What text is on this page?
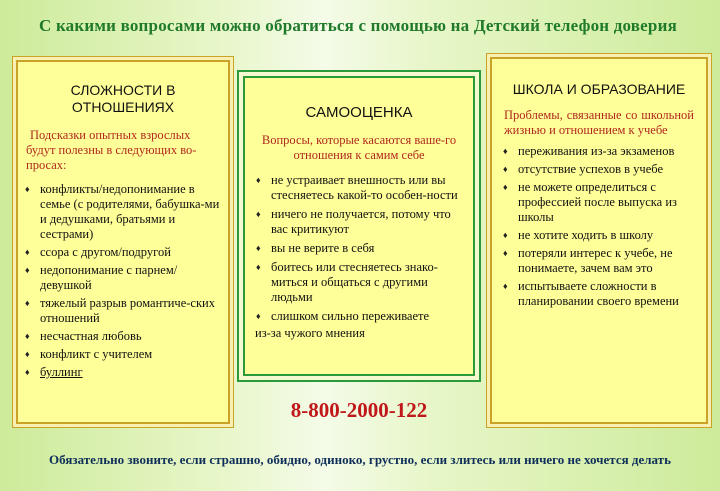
С какими вопросами можно обратиться с помощью на Детский телефон доверия
СЛОЖНОСТИ В ОТНОШЕНИЯХ
Подсказки опытных взрослых будут полезны в следующих во-просах:
♦ конфликты/недопонимание в семье (с родителями, бабушка-ми и дедушками, братьями и сестрами)
♦ ссора с другом/подругой
♦ недопонимание с парнем/ девушкой
♦ тяжелый разрыв романтиче-ских отношений
♦ несчастная любовь
♦ конфликт с учителем
♦ буллинг
САМООЦЕНКА
Вопросы, которые касаются ваше-го отношения к самим себе
♦ не устраивает внешность или вы стесняетесь какой-то особен-ности
♦ ничего не получается, потому что вас критикуют
♦ вы не верите в себя
♦ боитесь или стесняетесь знако-миться и общаться с другими людьми
♦ слишком сильно переживаете
из-за чужого мнения
ШКОЛА И ОБРАЗОВАНИЕ
Проблемы, связанные со школьной жизнью и отношением к учебе
♦ переживания из-за экзаменов
♦ отсутствие успехов в учебе
♦ не можете определиться с профессией после выпуска из школы
♦ не хотите ходить в школу
♦ потеряли интерес к учебе, не понимаете, зачем вам это
♦ испытываете сложности в планировании своего времени
8-800-2000-122
Обязательно звоните, если страшно, обидно, одиноко, грустно, если злитесь или ничего не хочется делать
